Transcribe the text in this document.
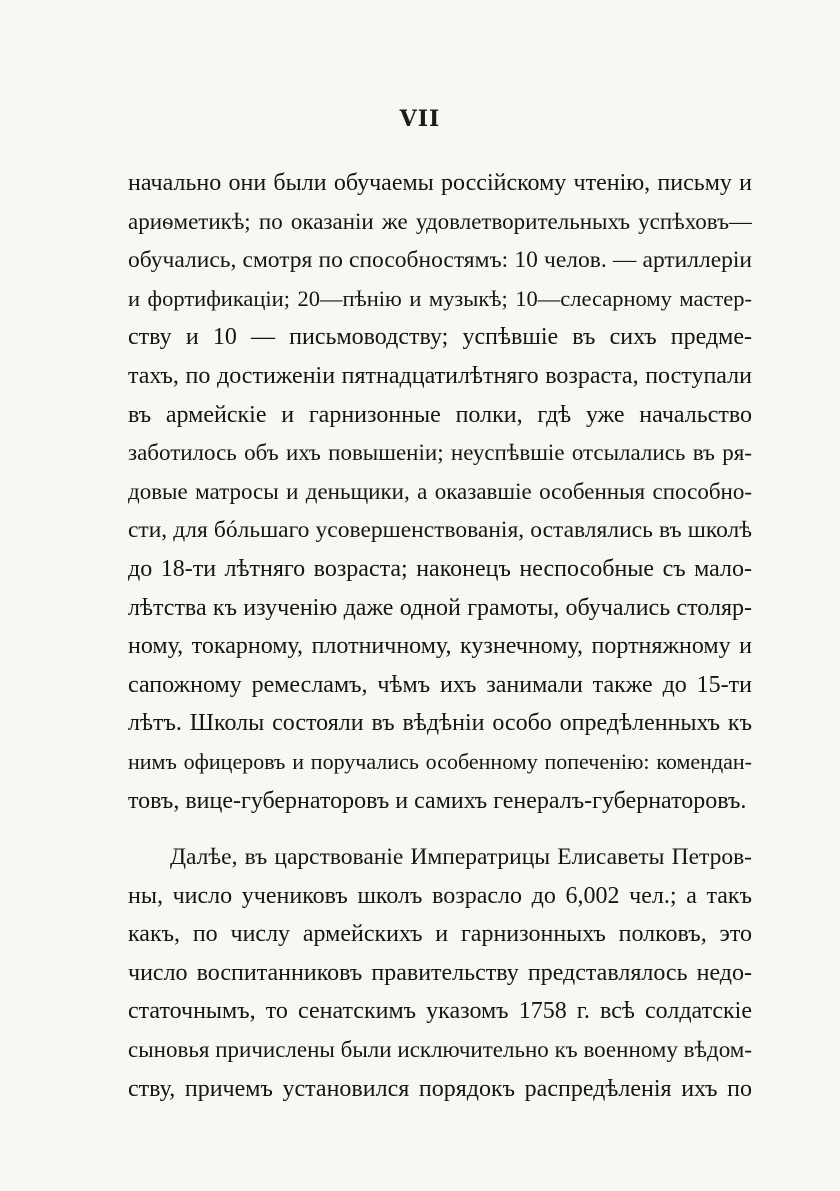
VII
начально они были обучаемы россійскому чтенію, письму и
ариѳметикѣ; по оказаніи же удовлетворительныхъ успѣховъ—
обучались, смотря по способностямъ: 10 челов. — артиллеріи
и фортификаціи; 20—пѣнію и музыкѣ; 10—слесарному мастер-
ству и 10 — письмоводству; успѣвшіе въ сихъ предме-
тахъ, по достиженіи пятнадцатилѣтняго возраста, поступали
въ армейскіе и гарнизонные полки, гдѣ уже начальство
заботилось объ ихъ повышеніи; неуспѣвшіе отсылались въ ря-
довые матросы и деньщики, а оказавшіе особенныя способно-
сти, для бóльшаго усовершенствованія, оставлялись въ школѣ
до 18-ти лѣтняго возраста; наконецъ неспособные съ мало-
лѣтства къ изученію даже одной грамоты, обучались столяр-
ному, токарному, плотничному, кузнечному, портняжному и
сапожному ремесламъ, чѣмъ ихъ занимали также до 15-ти
лѣтъ. Школы состояли въ вѣдѣніи особо опредѣленныхъ къ
нимъ офицеровъ и поручались особенному попеченію: комендан-
товъ, вице-губернаторовъ и самихъ генералъ-губернаторовъ.
Далѣе, въ царствованіе Императрицы Елисаветы Петров-
ны, число учениковъ школъ возрасло до 6,002 чел.; а такъ
какъ, по числу армейскихъ и гарнизонныхъ полковъ, это
число воспитанниковъ правительству представлялось недо-
статочнымъ, то сенатскимъ указомъ 1758 г. всѣ солдатскіе
сыновья причислены были исключительно къ военному вѣдом-
ству, причемъ установился порядокъ распредѣленія ихъ по
